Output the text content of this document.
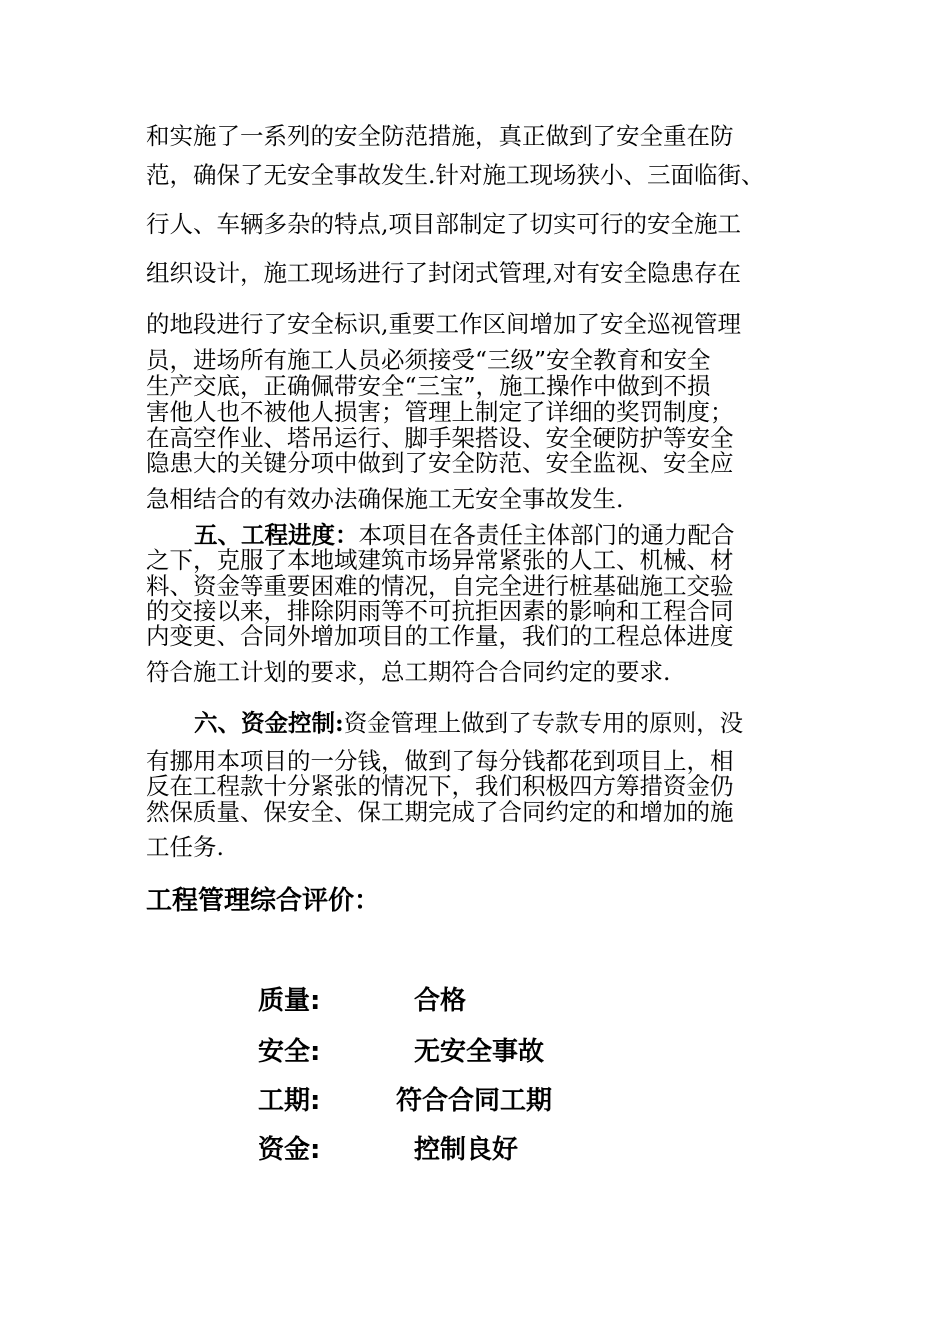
和实施了一系列的安全防范措施，真正做到了安全重在防
范，确保了无安全事故发生.针对施工现场狭小、三面临街、
行人、车辆多杂的特点,项目部制定了切实可行的安全施工
组织设计，施工现场进行了封闭式管理,对有安全隐患存在
的地段进行了安全标识,重要工作区间增加了安全巡视管理
员，进场所有施工人员必须接受“三级”安全教育和安全
生产交底，正确佩带安全“三宝”，施工操作中做到不损
害他人也不被他人损害；管理上制定了详细的奖罚制度；
在高空作业、塔吊运行、脚手架搭设、安全硬防护等安全
隐患大的关键分项中做到了安全防范、安全监视、安全应
急相结合的有效办法确保施工无安全事故发生.
五、工程进度：本项目在各责任主体部门的通力配合
之下，克服了本地域建筑市场异常紧张的人工、机械、材
料、资金等重要困难的情况，自完全进行桩基础施工交验
的交接以来，排除阴雨等不可抗拒因素的影响和工程合同
内变更、合同外增加项目的工作量，我们的工程总体进度
符合施工计划的要求，总工期符合合同约定的要求.
六、资金控制:资金管理上做到了专款专用的原则，没
有挪用本项目的一分钱，做到了每分钱都花到项目上，相
反在工程款十分紧张的情况下，我们积极四方筹措资金仍
然保质量、保安全、保工期完成了合同约定的和增加的施
工任务.
工程管理综合评价：
质量:	合格
安全:	无安全事故
工期:	符合合同工期
资金:	控制良好
